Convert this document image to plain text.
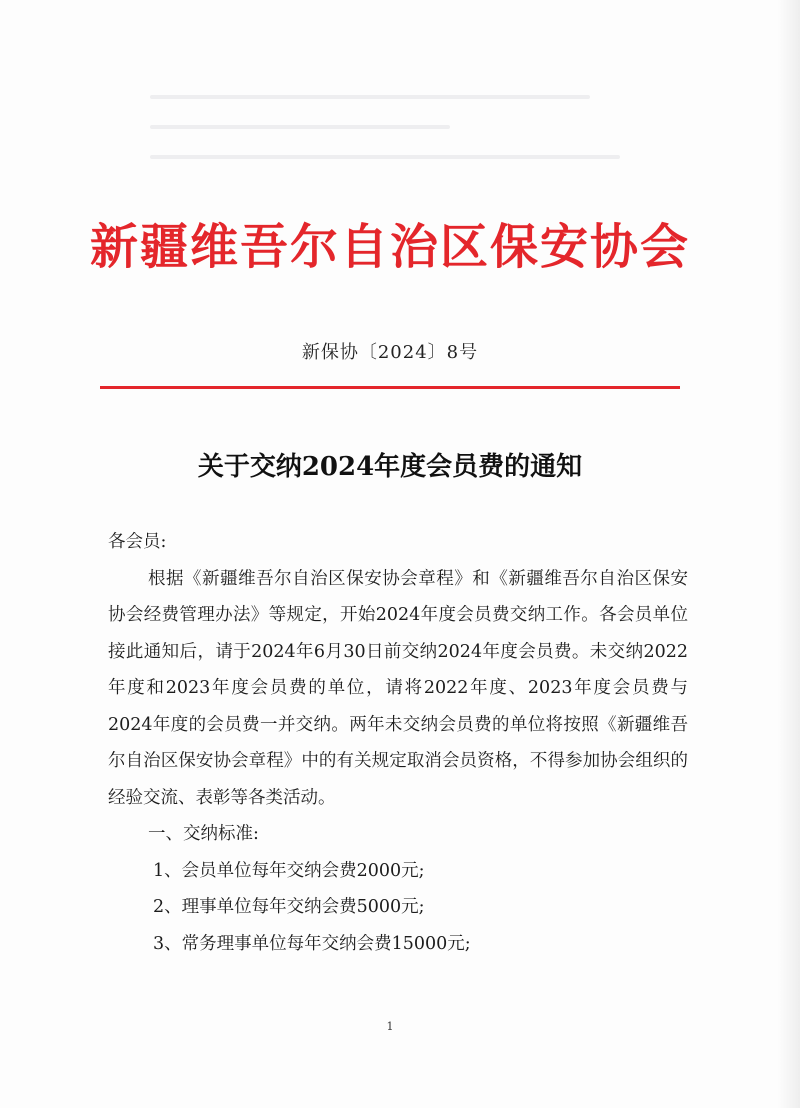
新疆维吾尔自治区保安协会
新保协〔2024〕8号
关于交纳2024年度会员费的通知

各会员:

根据《新疆维吾尔自治区保安协会章程》和《新疆维吾尔自治区保安协会经费管理办法》等规定，开始2024年度会员费交纳工作。各会员单位接此通知后，请于2024年6月30日前交纳2024年度会员费。未交纳2022年度和2023年度会员费的单位，请将2022年度、2023年度会员费与2024年度的会员费一并交纳。两年未交纳会员费的单位将按照《新疆维吾尔自治区保安协会章程》中的有关规定取消会员资格，不得参加协会组织的经验交流、表彰等各类活动。

一、交纳标准:

1、会员单位每年交纳会费2000元;

2、理事单位每年交纳会费5000元;

3、常务理事单位每年交纳会费15000元;

1
